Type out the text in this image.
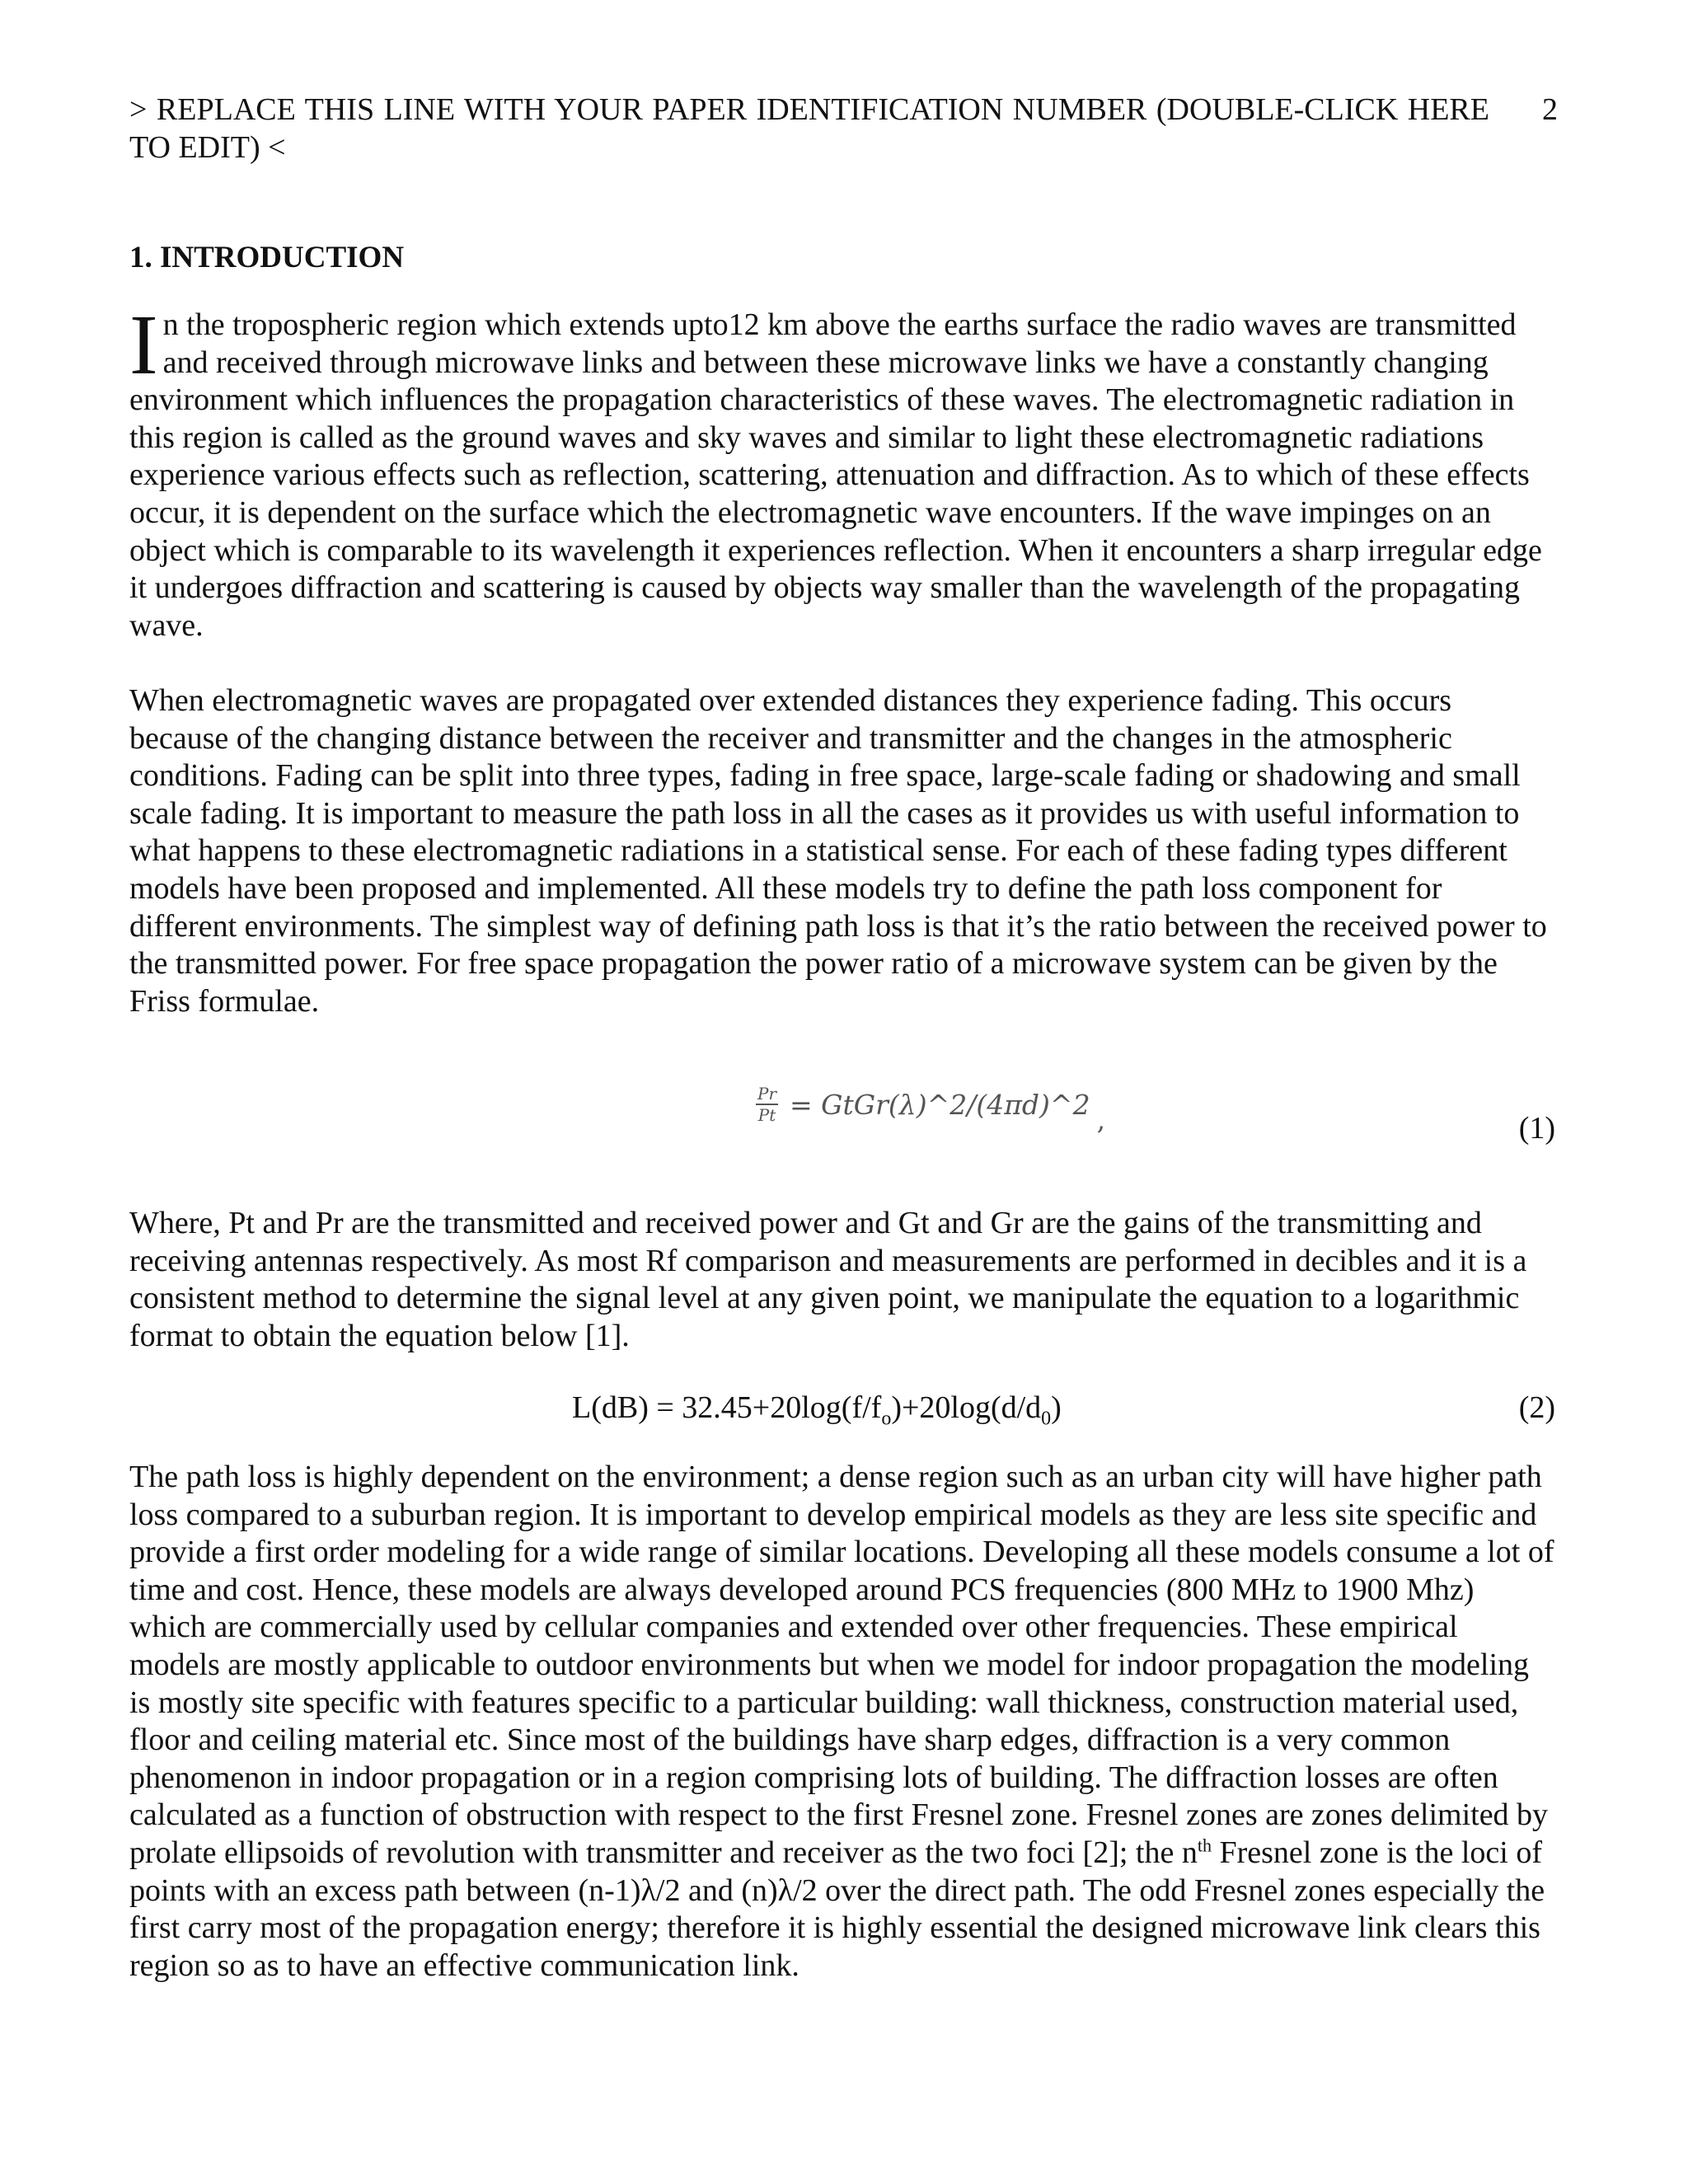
> REPLACE THIS LINE WITH YOUR PAPER IDENTIFICATION NUMBER (DOUBLE-CLICK HERE TO EDIT) <
2
1. INTRODUCTION

In the tropospheric region which extends upto12 km above the earths surface the radio waves are transmitted and received through microwave links and between these microwave links we have a constantly changing environment which influences the propagation characteristics of these waves. The electromagnetic radiation in this region is called as the ground waves and sky waves and similar to light these electromagnetic radiations experience various effects such as reflection, scattering, attenuation and diffraction. As to which of these effects occur, it is dependent on the surface which the electromagnetic wave encounters. If the wave impinges on an object which is comparable to its wavelength it experiences reflection. When it encounters a sharp irregular edge it undergoes diffraction and scattering is caused by objects way smaller than the wavelength of the propagating wave.

When electromagnetic waves are propagated over extended distances they experience fading. This occurs because of the changing distance between the receiver and transmitter and the changes in the atmospheric conditions. Fading can be split into three types, fading in free space, large-scale fading or shadowing and small scale fading. It is important to measure the path loss in all the cases as it provides us with useful information to what happens to these electromagnetic radiations in a statistical sense. For each of these fading types different models have been proposed and implemented. All these models try to define the path loss component for different environments. The simplest way of defining path loss is that it’s the ratio between the received power to the transmitted power. For free space propagation the power ratio of a microwave system can be given by the Friss formulae.

$\frac{Pr}{Pt}$ = GtGr(λ)^2/(4πd)^2 ,	(1)

Where, Pt and Pr are the transmitted and received power and Gt and Gr are the gains of the transmitting and receiving antennas respectively. As most Rf comparison and measurements are performed in decibles and it is a consistent method to determine the signal level at any given point, we manipulate the equation to a logarithmic format to obtain the equation below [1].

$L(dB) = 32.45+20\log(f/f_o)+20\log(d/d_0)$	(2)

The path loss is highly dependent on the environment; a dense region such as an urban city will have higher path loss compared to a suburban region. It is important to develop empirical models as they are less site specific and provide a first order modeling for a wide range of similar locations. Developing all these models consume a lot of time and cost. Hence, these models are always developed around PCS frequencies (800 MHz to 1900 Mhz) which are commercially used by cellular companies and extended over other frequencies. These empirical models are mostly applicable to outdoor environments but when we model for indoor propagation the modeling is mostly site specific with features specific to a particular building: wall thickness, construction material used, floor and ceiling material etc. Since most of the buildings have sharp edges, diffraction is a very common phenomenon in indoor propagation or in a region comprising lots of building. The diffraction losses are often calculated as a function of obstruction with respect to the first Fresnel zone. Fresnel zones are zones delimited by prolate ellipsoids of revolution with transmitter and receiver as the two foci [2]; the $n^{th}$ Fresnel zone is the loci of points with an excess path between (n-1)λ/2 and (n)λ/2 over the direct path. The odd Fresnel zones especially the first carry most of the propagation energy; therefore it is highly essential the designed microwave link clears this region so as to have an effective communication link.
